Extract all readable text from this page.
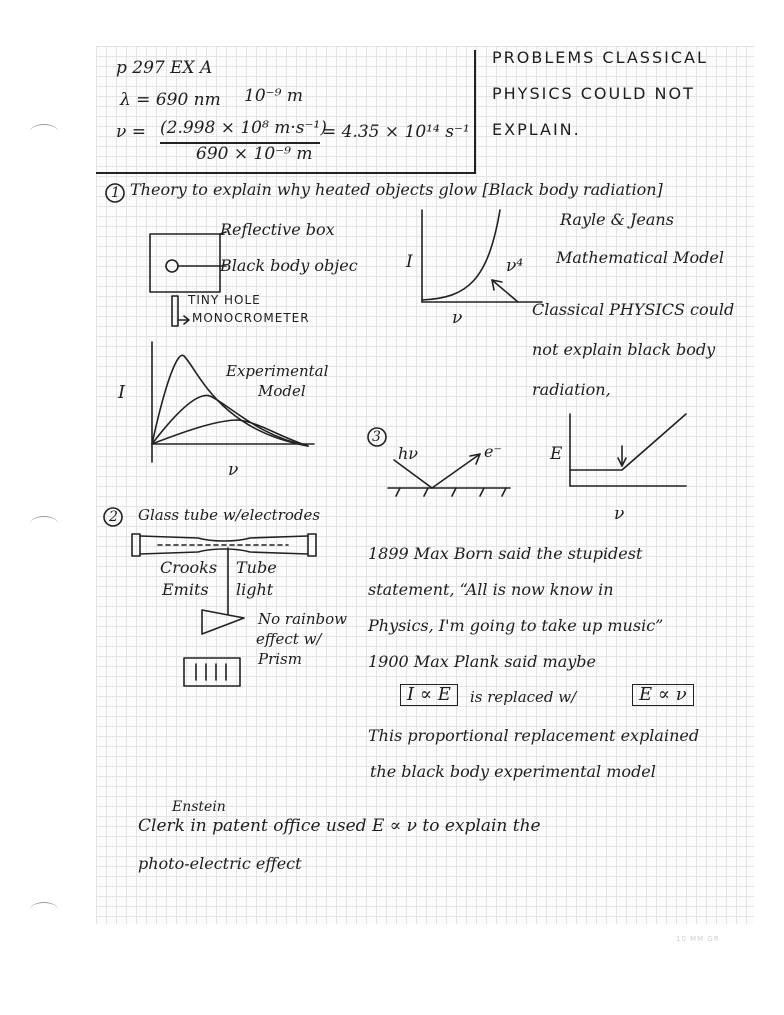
p 297 EX A
λ = 690 nm 10⁻⁹ m
ν = (2.998 × 10⁸ m·s⁻¹)
690 × 10⁻⁹ m
= 4.35 × 10¹⁴ s⁻¹
PROBLEMS CLASSICAL
PHYSICS COULD NOT
EXPLAIN.
1 Theory to explain why heated objects glow [Black body radiation]
Reflective box
Black body objec
TINY HOLE
MONOCROMETER
I
ν
ν⁴
Rayle & Jeans
Mathematical Model
Classical PHYSICS could
not explain black body
radiation,
I
ν
Experimental
Model
3
hν	e⁻	E
ν
2 Glass tube w/electrodes
Crooks
Emits
Tube
light
No rainbow
effect w/
Prism
1899 Max Born said the stupidest
statement, “All is now know in
Physics, I'm going to take up music”
1900 Max Plank said maybe
I ∝ E	is replaced w/	E ∝ ν
This proportional replacement explained
the black body experimental model
Enstein
Clerk in patent office used E ∝ ν to explain the
photo-electric effect
10 MM GR
